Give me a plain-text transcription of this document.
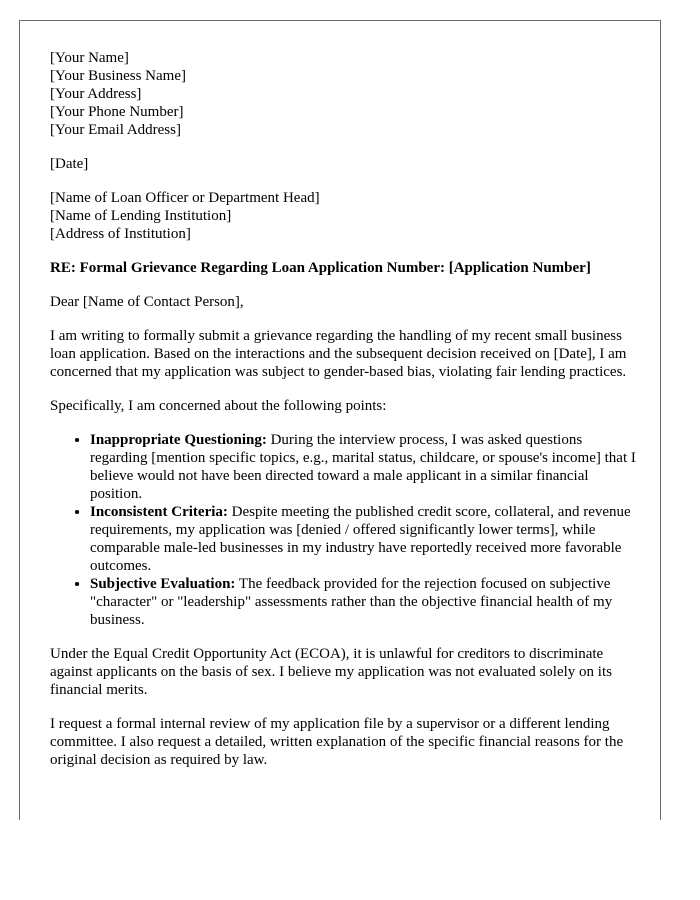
[Your Name]
[Your Business Name]
[Your Address]
[Your Phone Number]
[Your Email Address]
[Date]
[Name of Loan Officer or Department Head]
[Name of Lending Institution]
[Address of Institution]

RE: Formal Grievance Regarding Loan Application Number: [Application Number]

Dear [Name of Contact Person],

I am writing to formally submit a grievance regarding the handling of my recent small business loan application. Based on the interactions and the subsequent decision received on [Date], I am concerned that my application was subject to gender-based bias, violating fair lending practices.

Specifically, I am concerned about the following points:

• Inappropriate Questioning: During the interview process, I was asked questions regarding [mention specific topics, e.g., marital status, childcare, or spouse's income] that I believe would not have been directed toward a male applicant in a similar financial position.
• Inconsistent Criteria: Despite meeting the published credit score, collateral, and revenue requirements, my application was [denied / offered significantly lower terms], while comparable male-led businesses in my industry have reportedly received more favorable outcomes.
• Subjective Evaluation: The feedback provided for the rejection focused on subjective "character" or "leadership" assessments rather than the objective financial health of my business.

Under the Equal Credit Opportunity Act (ECOA), it is unlawful for creditors to discriminate against applicants on the basis of sex. I believe my application was not evaluated solely on its financial merits.

I request a formal internal review of my application file by a supervisor or a different lending committee. I also request a detailed, written explanation of the specific financial reasons for the original decision as required by law.
